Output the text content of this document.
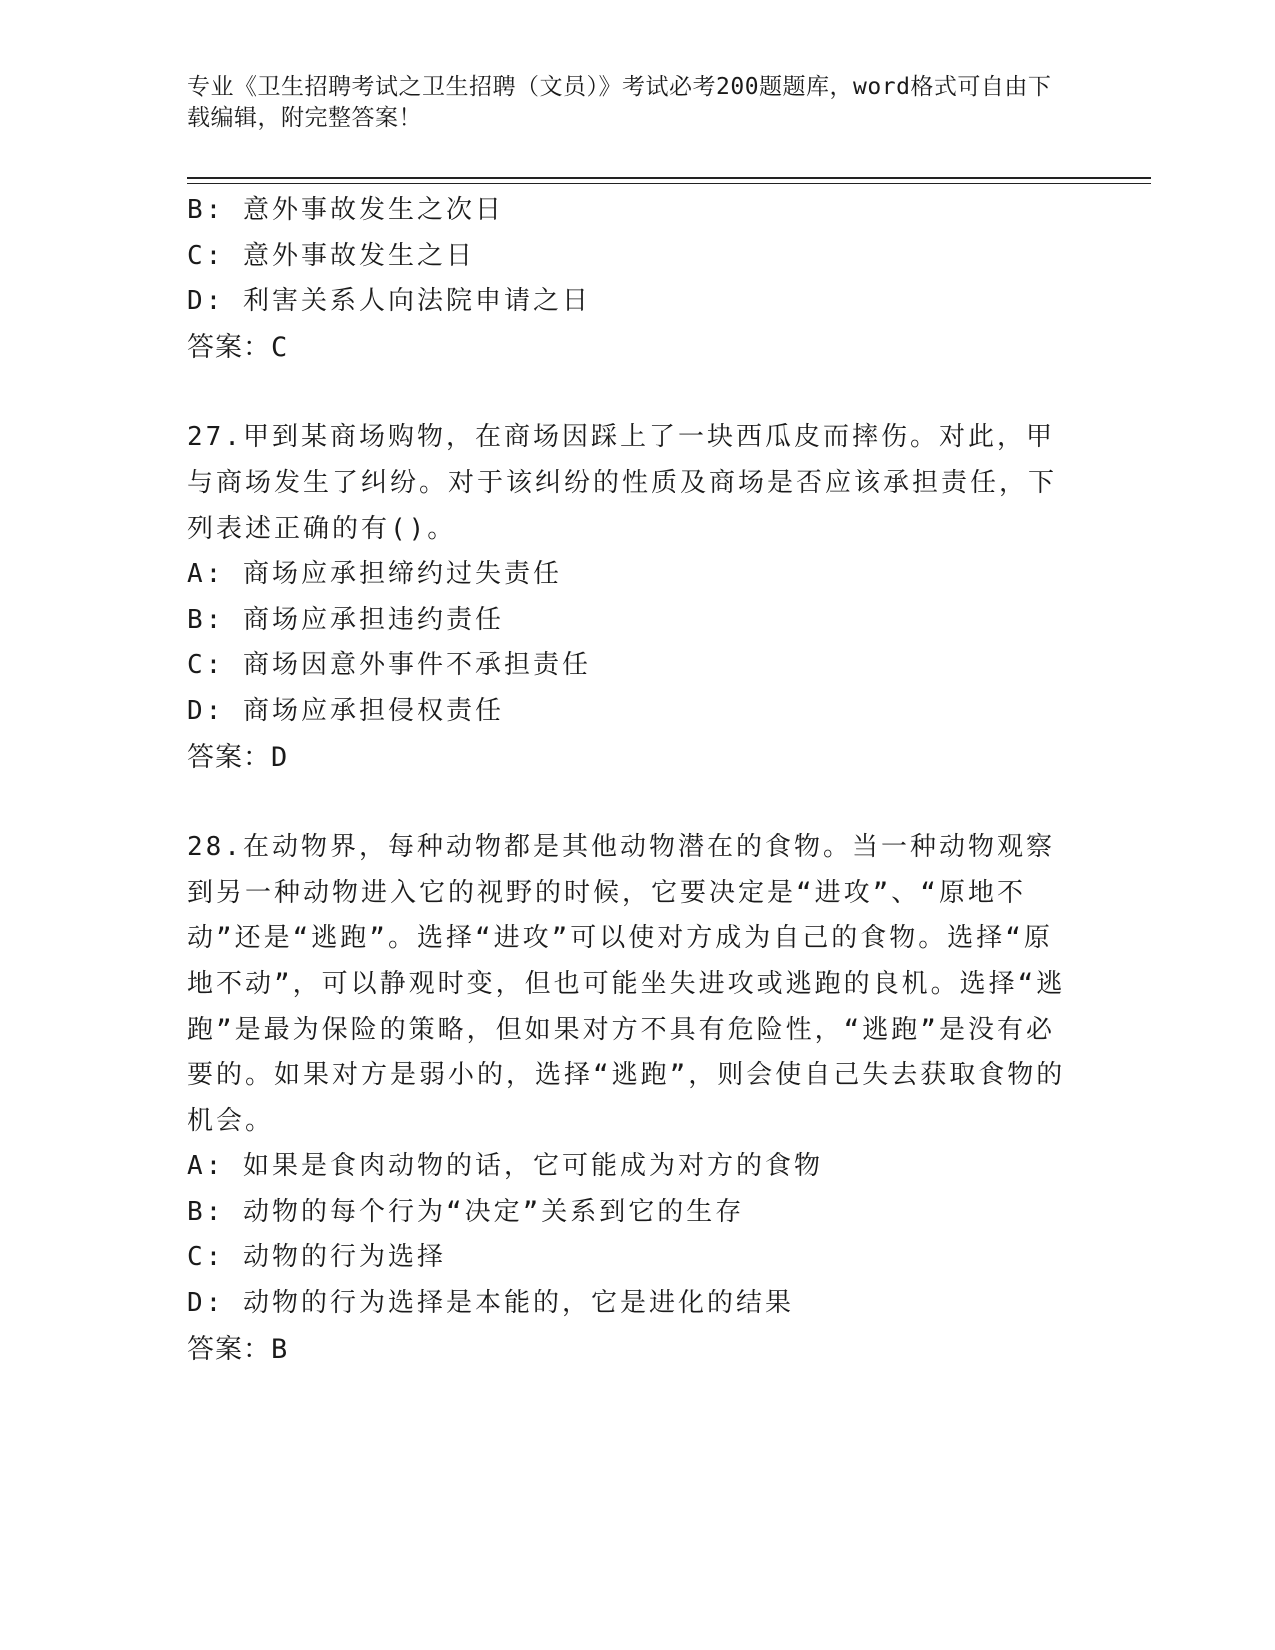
专业《卫生招聘考试之卫生招聘（文员）》考试必考200题题库，word格式可自由下载编辑，附完整答案！
B: 意外事故发生之次日
C: 意外事故发生之日
D: 利害关系人向法院申请之日
答案：C
27.甲到某商场购物，在商场因踩上了一块西瓜皮而摔伤。对此，甲与商场发生了纠纷。对于该纠纷的性质及商场是否应该承担责任，下列表述正确的有()。
A: 商场应承担缔约过失责任
B: 商场应承担违约责任
C: 商场因意外事件不承担责任
D: 商场应承担侵权责任
答案：D
28.在动物界，每种动物都是其他动物潜在的食物。当一种动物观察到另一种动物进入它的视野的时候，它要决定是“进攻”、“原地不动”还是“逃跑”。选择“进攻”可以使对方成为自己的食物。选择“原地不动”，可以静观时变，但也可能坐失进攻或逃跑的良机。选择“逃跑”是最为保险的策略，但如果对方不具有危险性，“逃跑”是没有必要的。如果对方是弱小的，选择“逃跑”，则会使自己失去获取食物的机会。
A: 如果是食肉动物的话，它可能成为对方的食物
B: 动物的每个行为“决定”关系到它的生存
C: 动物的行为选择
D: 动物的行为选择是本能的，它是进化的结果
答案：B
